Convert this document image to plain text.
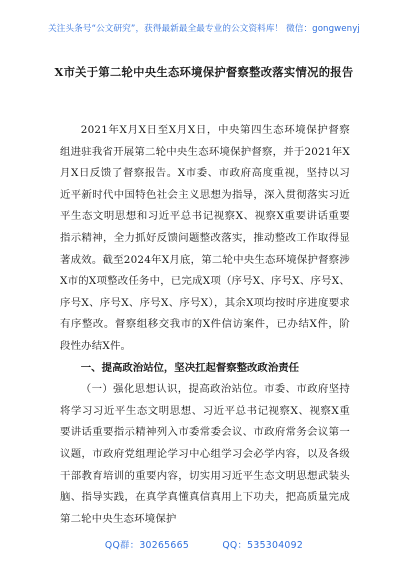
关注头条号“公文研究”，获得最新最全最专业的公文资料库！ 微信：gongwenyj
X市关于第二轮中央生态环境保护督察整改落实情况的报告

2021年X月X日至X月X日，中央第四生态环境保护督察组进驻我省开展第二轮中央生态环境保护督察，并于2021年X月X日反馈了督察报告。X市委、市政府高度重视，坚持以习近平新时代中国特色社会主义思想为指导，深入贯彻落实习近平生态文明思想和习近平总书记视察X、视察X重要讲话重要指示精神，全力抓好反馈问题整改落实，推动整改工作取得显著成效。截至2024年X月底，第二轮中央生态环境保护督察涉X市的X项整改任务中，已完成X项（序号X、序号X、序号X、序号X、序号X、序号X、序号X），其余X项均按时序进度要求有序整改。督察组移交我市的X件信访案件，已办结X件，阶段性办结X件。

一、提高政治站位，坚决扛起督察整改政治责任

（一）强化思想认识，提高政治站位。市委、市政府坚持将学习习近平生态文明思想、习近平总书记视察X、视察X重要讲话重要指示精神列入市委常委会议、市政府常务会议第一议题，市政府党组理论学习中心组学习会必学内容，以及各级干部教育培训的重要内容，切实用习近平生态文明思想武装头脑、指导实践，在真学真懂真信真用上下功夫，把高质量完成第二轮中央生态环境保护

QQ群：30265665	QQ：535304092
